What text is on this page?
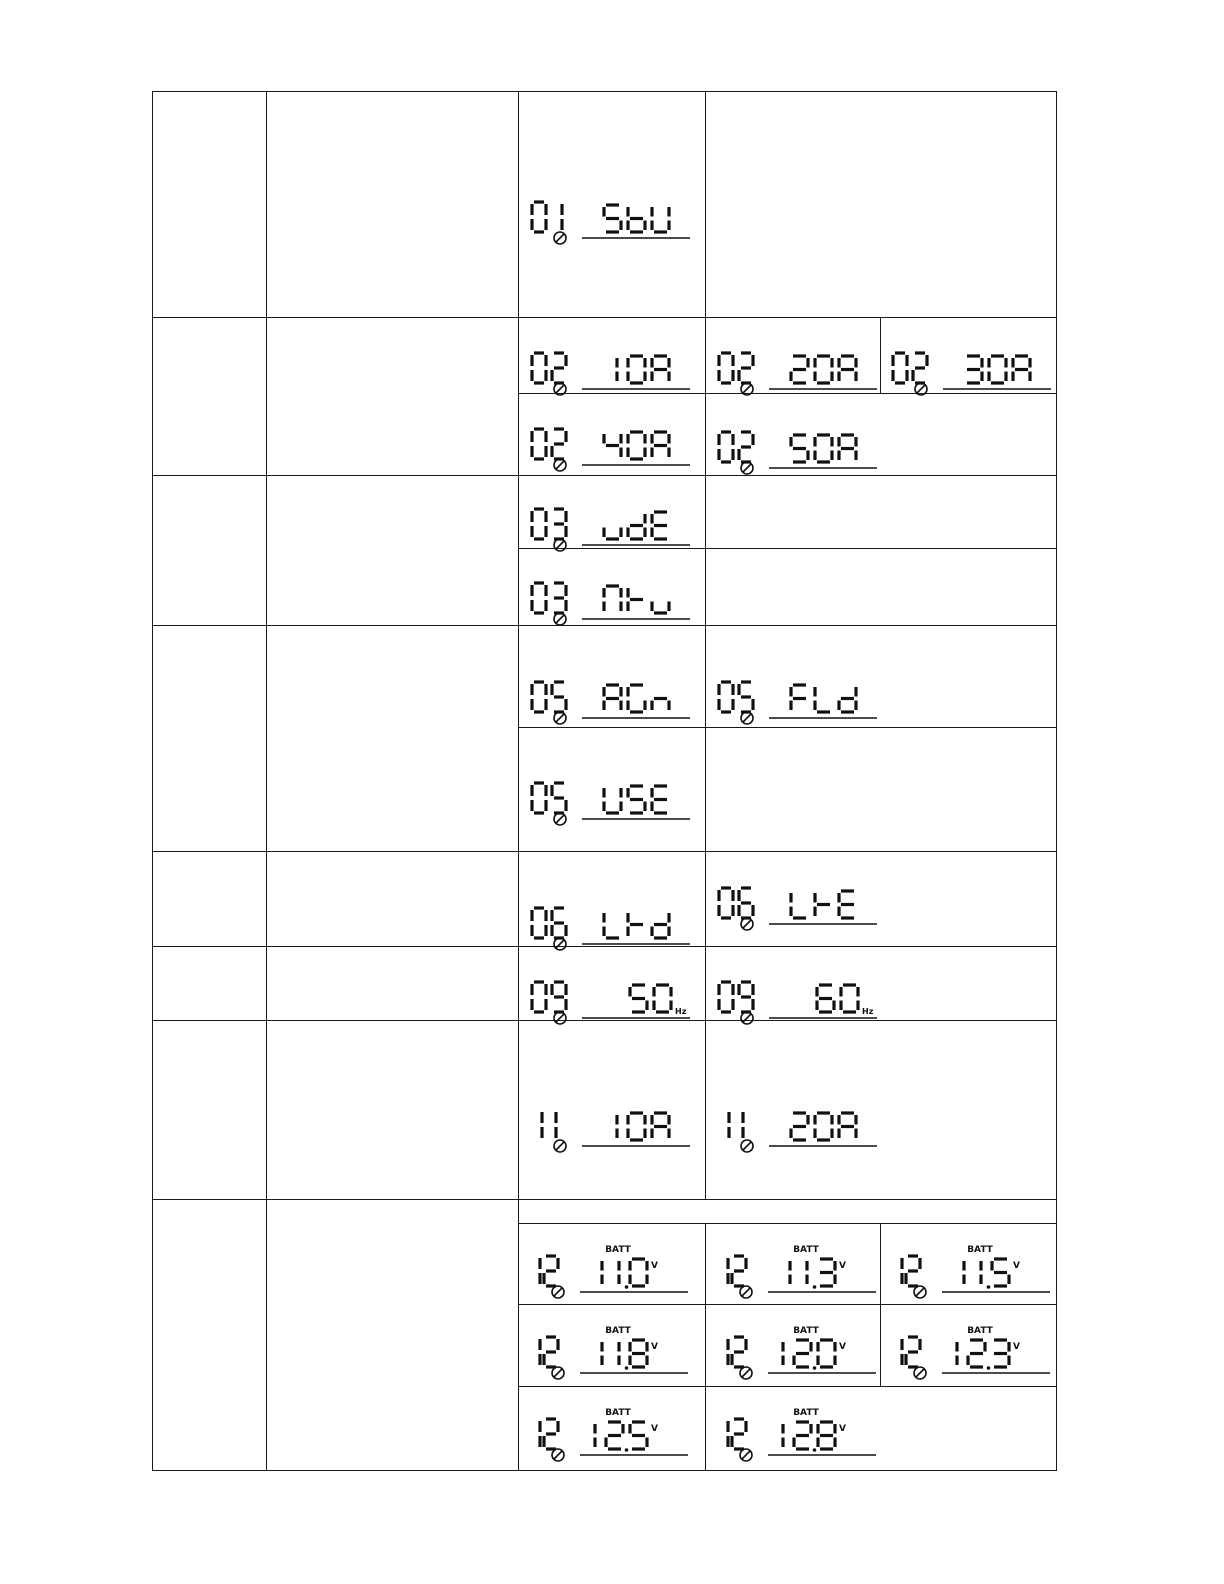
Hz	Hz
BATT
V
BATT
V
BATT
V
BATT
V
BATT
V
BATT
V
BATT
V
BATT
V
